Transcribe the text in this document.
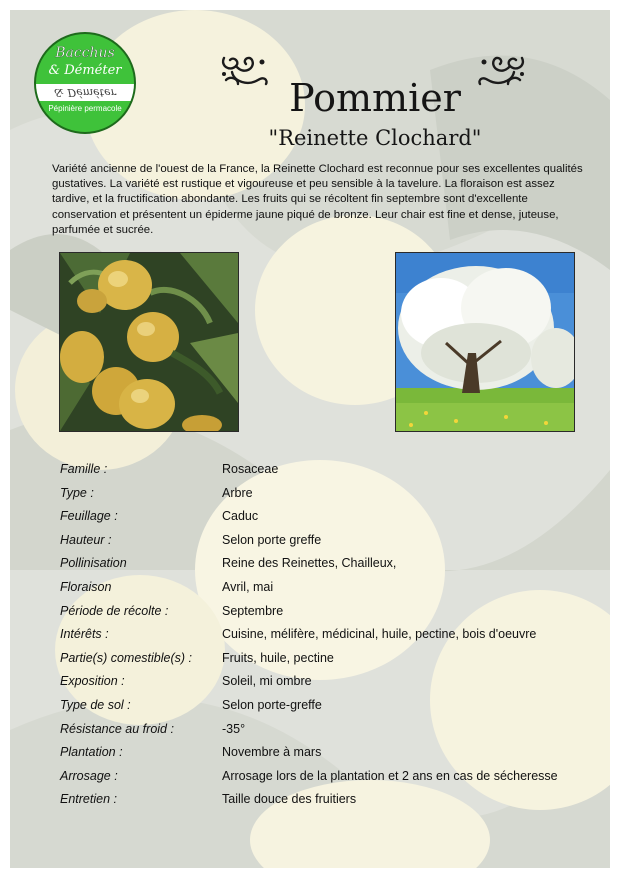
Bacchus
& Déméter
& Déméter
Pépinière permacole	Pommier
"Reinette Clochard"

Variété ancienne de l'ouest de la France, la Reinette Clochard est reconnue pour ses excellentes qualités gustatives. La variété est rustique et vigoureuse et peu sensible à la tavelure. La floraison est assez tardive, et la fructification abondante. Les fruits qui se récoltent fin septembre sont d'excellente conservation et présentent un épiderme jaune piqué de bronze. Leur chair est fine et dense, juteuse, parfumée et sucrée.

Famille :	Rosaceae
Type :	Arbre
Feuillage :	Caduc
Hauteur :	Selon porte greffe
Pollinisation	Reine des Reinettes, Chailleux,
Floraison	Avril, mai
Période de récolte :	Septembre
Intérêts :	Cuisine, mélifère, médicinal, huile, pectine, bois d'oeuvre
Partie(s) comestible(s) : Fruits, huile, pectine
Exposition :	Soleil, mi ombre
Type de sol :	Selon porte-greffe
Résistance au froid :	-35°
Plantation :	Novembre à mars
Arrosage :	Arrosage lors de la plantation et 2 ans en cas de sécheresse
Entretien :	Taille douce des fruitiers
